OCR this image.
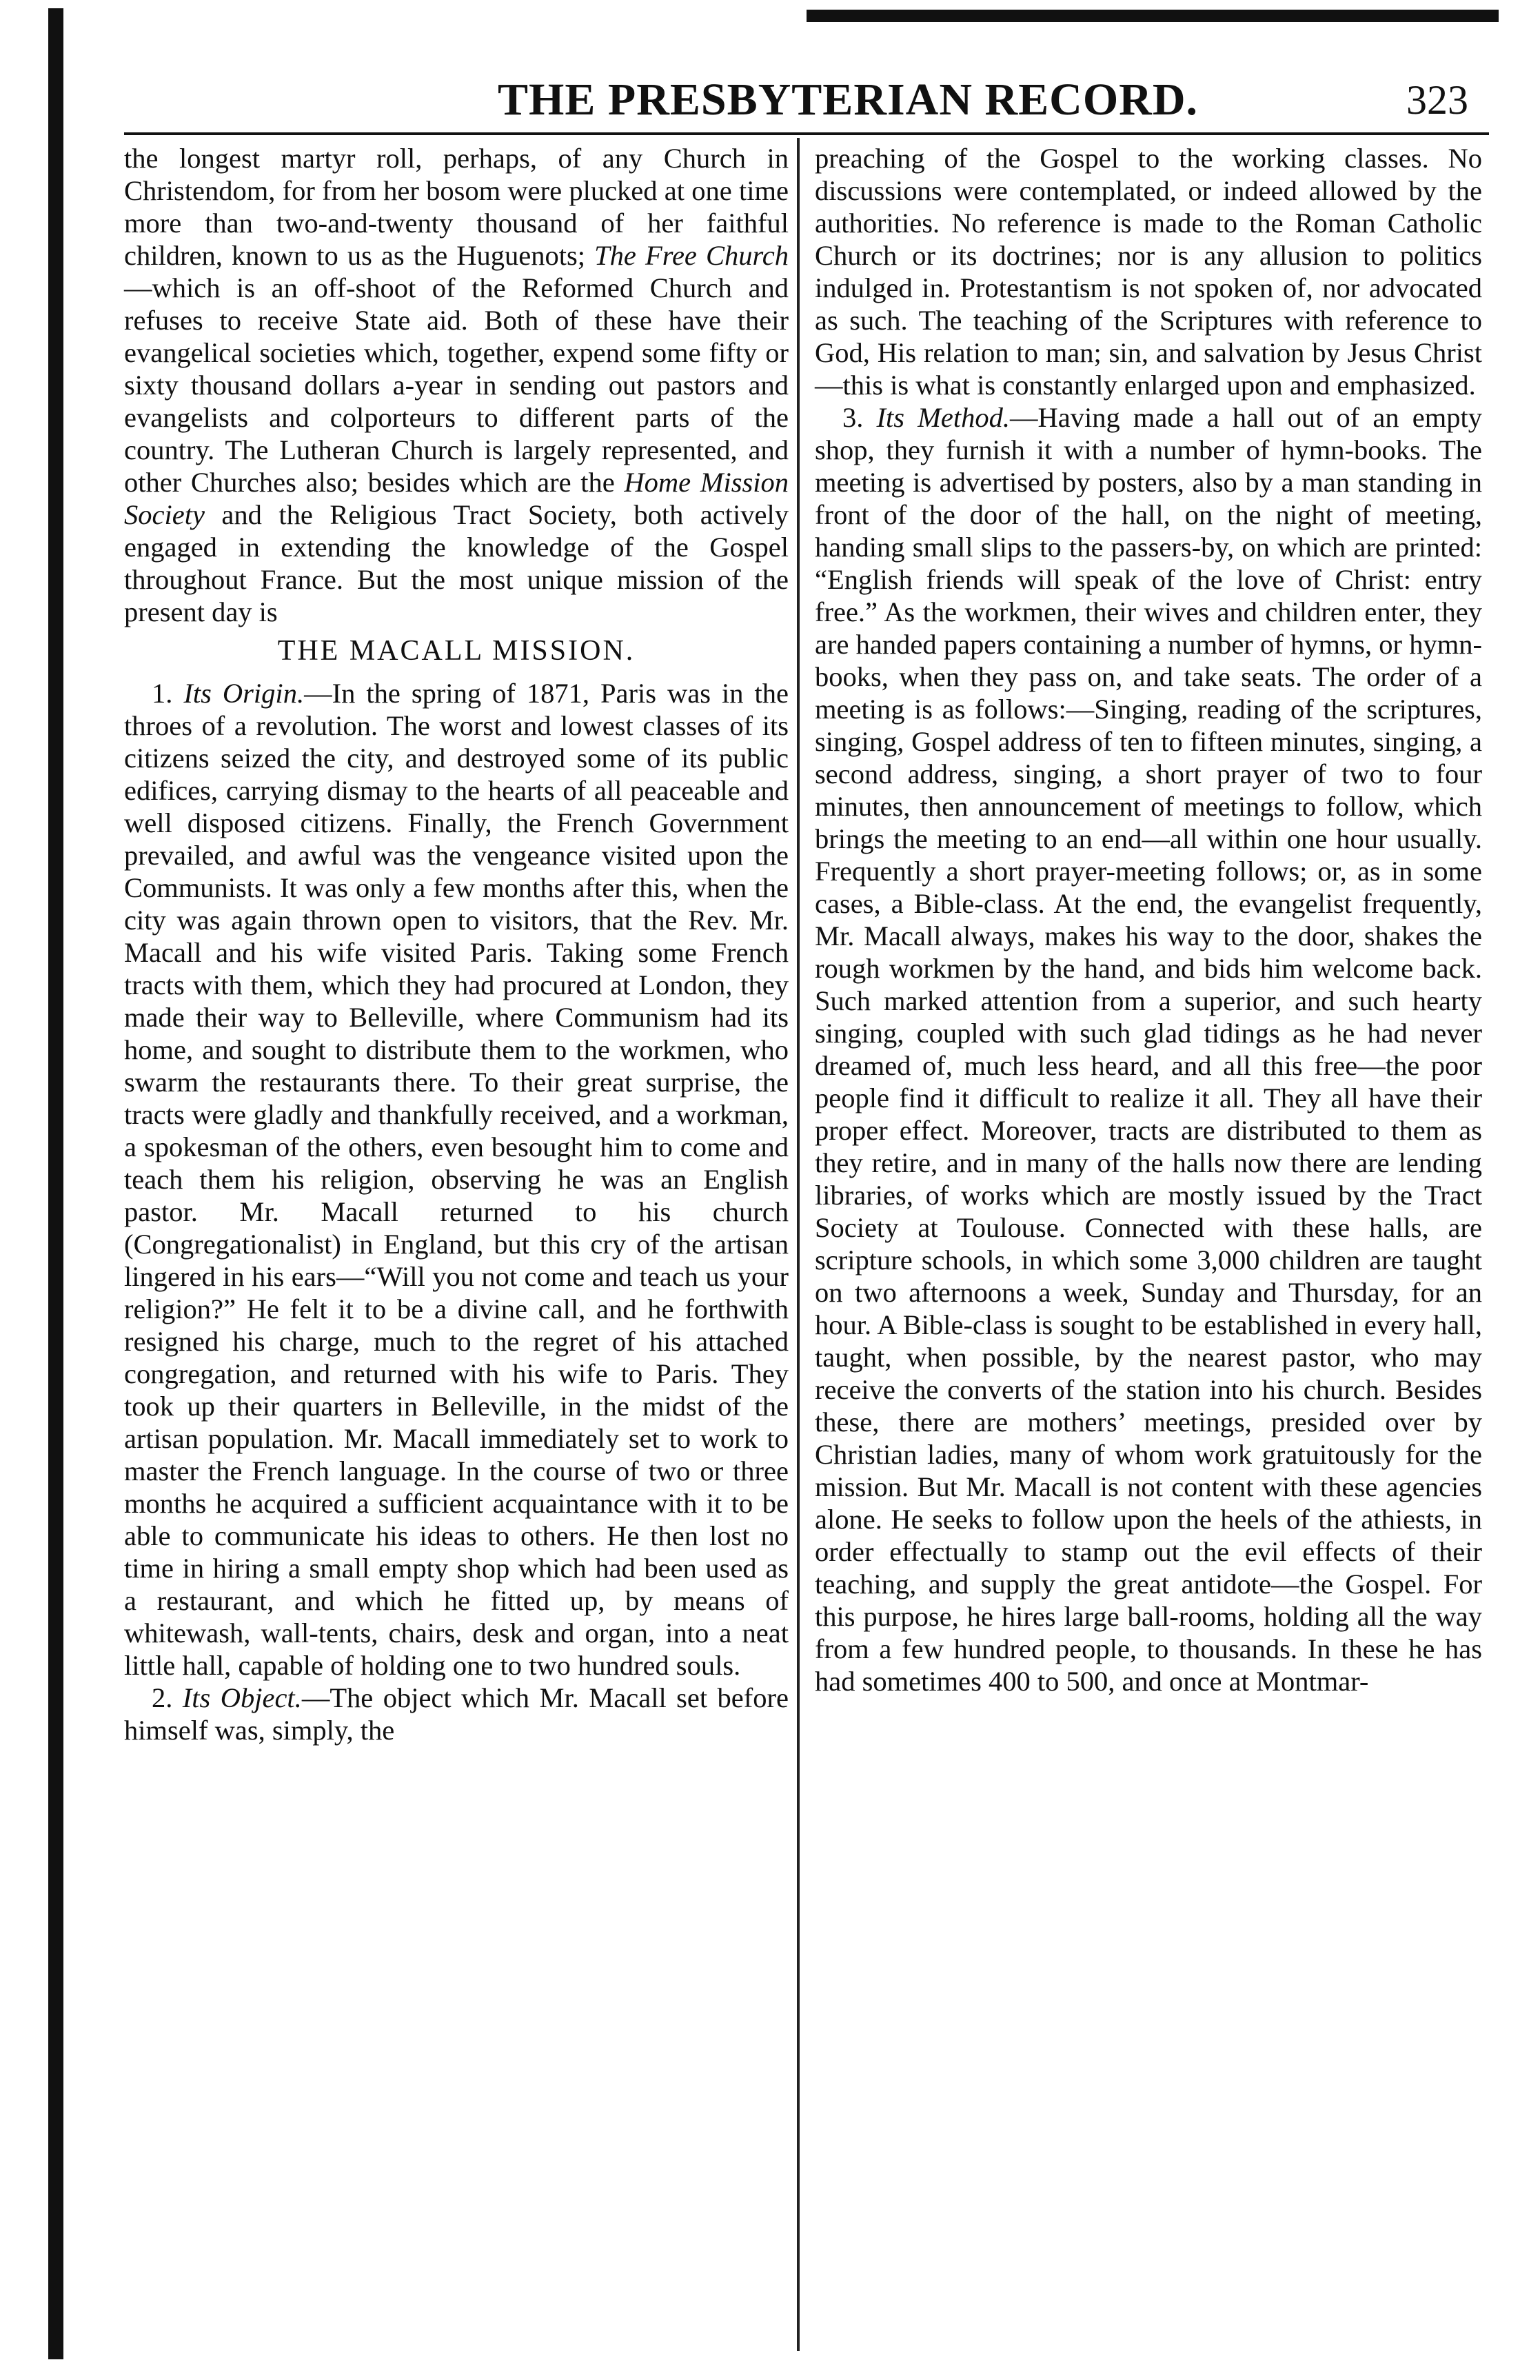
THE PRESBYTERIAN RECORD.	323

the longest martyr roll, perhaps, of any Church in Christendom, for from her bosom were plucked at one time more than two-and-twenty thousand of her faithful children, known to us as the Huguenots; The Free Church—which is an off-shoot of the Reformed Church and refuses to receive State aid. Both of these have their evangelical societies which, together, expend some fifty or sixty thousand dollars a-year in sending out pastors and evangelists and colporteurs to different parts of the country. The Lutheran Church is largely represented, and other Churches also; besides which are the Home Mission Society and the Religious Tract Society, both actively engaged in extending the knowledge of the Gospel throughout France. But the most unique mission of the present day is

THE MACALL MISSION.

1. Its Origin.—In the spring of 1871, Paris was in the throes of a revolution. The worst and lowest classes of its citizens seized the city, and destroyed some of its public edifices, carrying dismay to the hearts of all peaceable and well disposed citizens. Finally, the French Government prevailed, and awful was the vengeance visited upon the Communists. It was only a few months after this, when the city was again thrown open to visitors, that the Rev. Mr. Macall and his wife visited Paris. Taking some French tracts with them, which they had procured at London, they made their way to Belleville, where Communism had its home, and sought to distribute them to the workmen, who swarm the restaurants there. To their great surprise, the tracts were gladly and thankfully received, and a workman, a spokesman of the others, even besought him to come and teach them his religion, observing he was an English pastor. Mr. Macall returned to his church (Congregationalist) in England, but this cry of the artisan lingered in his ears—“Will you not come and teach us your religion?” He felt it to be a divine call, and he forthwith resigned his charge, much to the regret of his attached congregation, and returned with his wife to Paris. They took up their quarters in Belleville, in the midst of the artisan population. Mr. Macall immediately set to work to master the French language. In the course of two or three months he acquired a sufficient acquaintance with it to be able to communicate his ideas to others. He then lost no time in hiring a small empty shop which had been used as a restaurant, and which he fitted up, by means of whitewash, wall-tents, chairs, desk and organ, into a neat little hall, capable of holding one to two hundred souls.

2. Its Object.—The object which Mr. Macall set before himself was, simply, the

preaching of the Gospel to the working classes. No discussions were contemplated, or indeed allowed by the authorities. No reference is made to the Roman Catholic Church or its doctrines; nor is any allusion to politics indulged in. Protestantism is not spoken of, nor advocated as such. The teaching of the Scriptures with reference to God, His relation to man; sin, and salvation by Jesus Christ—this is what is constantly enlarged upon and emphasized.

3. Its Method.—Having made a hall out of an empty shop, they furnish it with a number of hymn-books. The meeting is advertised by posters, also by a man standing in front of the door of the hall, on the night of meeting, handing small slips to the passers-by, on which are printed: “English friends will speak of the love of Christ: entry free.” As the workmen, their wives and children enter, they are handed papers containing a number of hymns, or hymn-books, when they pass on, and take seats. The order of a meeting is as follows:—Singing, reading of the scriptures, singing, Gospel address of ten to fifteen minutes, singing, a second address, singing, a short prayer of two to four minutes, then announcement of meetings to follow, which brings the meeting to an end—all within one hour usually. Frequently a short prayer-meeting follows; or, as in some cases, a Bible-class. At the end, the evangelist frequently, Mr. Macall always, makes his way to the door, shakes the rough workmen by the hand, and bids him welcome back. Such marked attention from a superior, and such hearty singing, coupled with such glad tidings as he had never dreamed of, much less heard, and all this free—the poor people find it difficult to realize it all. They all have their proper effect. Moreover, tracts are distributed to them as they retire, and in many of the halls now there are lending libraries, of works which are mostly issued by the Tract Society at Toulouse. Connected with these halls, are scripture schools, in which some 3,000 children are taught on two afternoons a week, Sunday and Thursday, for an hour. A Bible-class is sought to be established in every hall, taught, when possible, by the nearest pastor, who may receive the converts of the station into his church. Besides these, there are mothers’ meetings, presided over by Christian ladies, many of whom work gratuitously for the mission. But Mr. Macall is not content with these agencies alone. He seeks to follow upon the heels of the athiests, in order effectually to stamp out the evil effects of their teaching, and supply the great antidote—the Gospel. For this purpose, he hires large ball-rooms, holding all the way from a few hundred people, to thousands. In these he has had sometimes 400 to 500, and once at Montmar-
